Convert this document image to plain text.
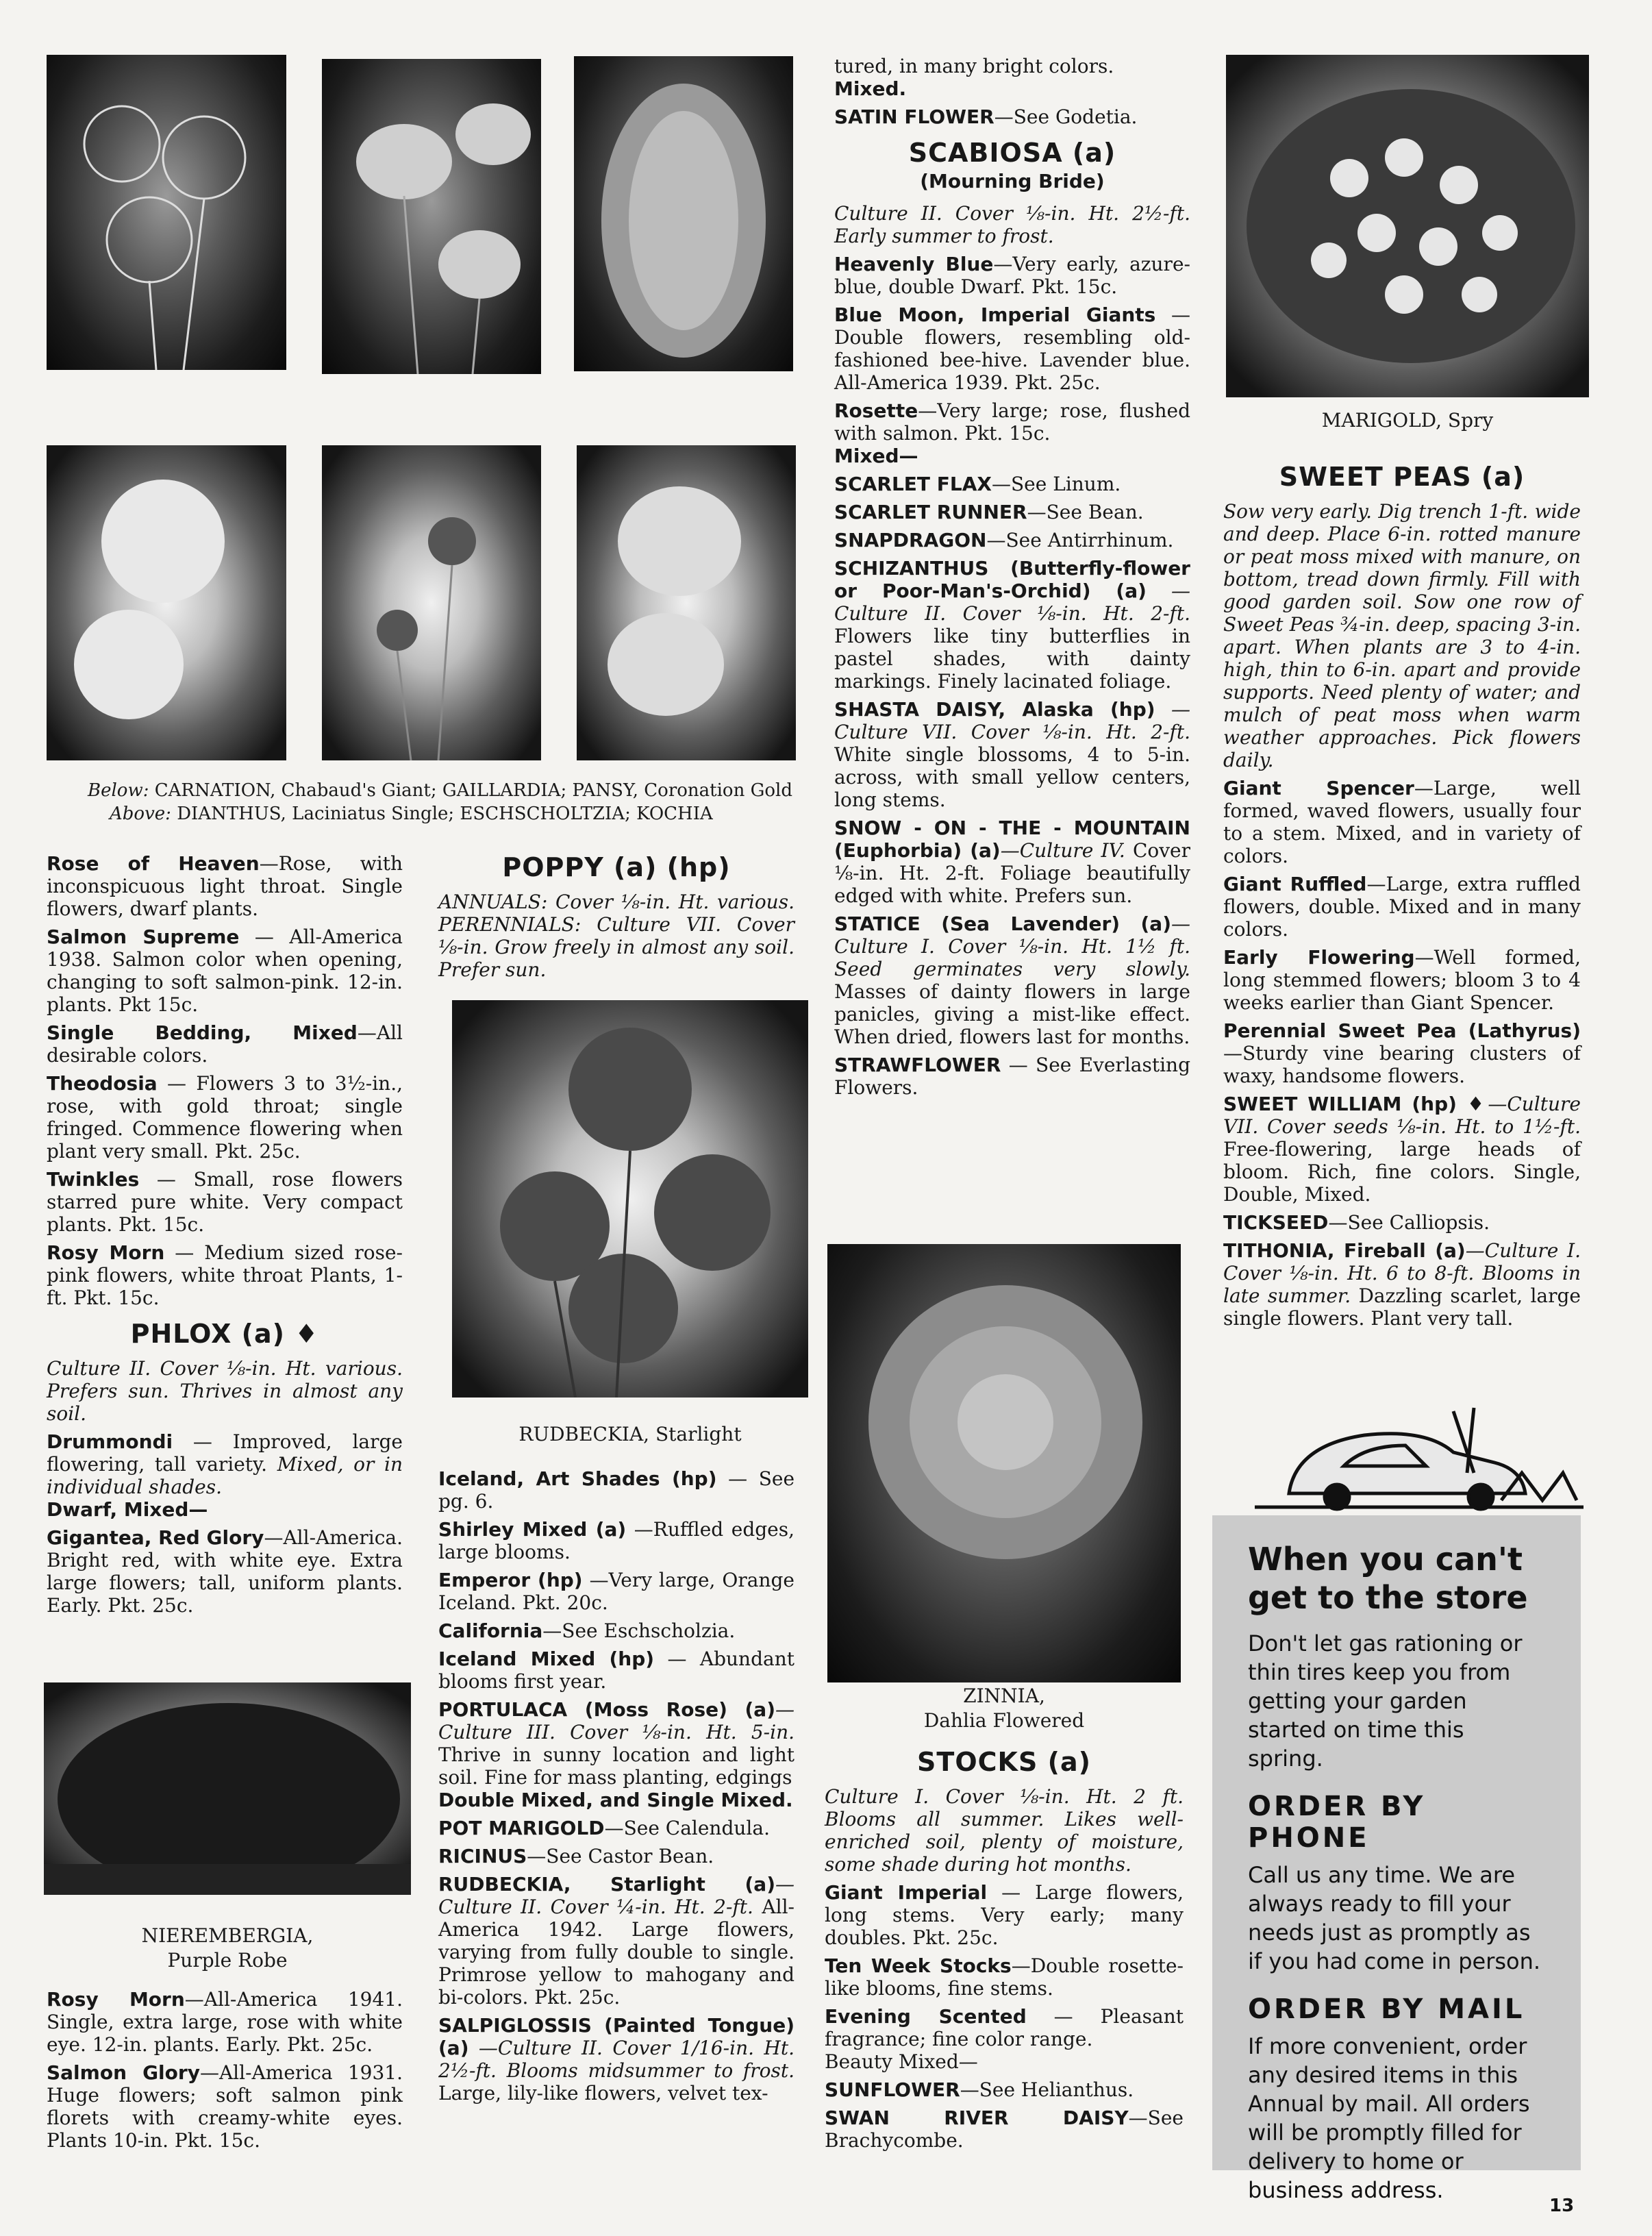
Below: CARNATION, Chabaud's Giant; GAILLARDIA; PANSY, Coronation Gold
Above: DIANTHUS, Laciniatus Single; ESCHSCHOLTZIA; KOCHIA
MARIGOLD, Spry
RUDBECKIA, Starlight
ZINNIA,
Dahlia Flowered
NIEREMBERGIA,
Purple Robe

Rose of Heaven—Rose, with inconspicuous light throat. Single flowers, dwarf plants.

Salmon Supreme — All-America 1938. Salmon color when opening, changing to soft salmon-pink. 12-in. plants. Pkt 15c.

Single Bedding, Mixed—All desirable colors.

Theodosia — Flowers 3 to 3½-in., rose, with gold throat; single fringed. Commence flowering when plant very small. Pkt. 25c.

Twinkles — Small, rose flowers starred pure white. Very compact plants. Pkt. 15c.

Rosy Morn — Medium sized rose-pink flowers, white throat Plants, 1-ft. Pkt. 15c.

PHLOX (a) ♦

Culture II. Cover ⅛-in. Ht. various. Prefers sun. Thrives in almost any soil.

Drummondi — Improved, large flowering, tall variety. Mixed, or in individual shades.

Dwarf, Mixed—

Gigantea, Red Glory—All-America. Bright red, with white eye. Extra large flowers; tall, uniform plants. Early. Pkt. 25c.

Rosy Morn—All-America 1941. Single, extra large, rose with white eye. 12-in. plants. Early. Pkt. 25c.

Salmon Glory—All-America 1931. Huge flowers; soft salmon pink florets with creamy-white eyes. Plants 10-in. Pkt. 15c.

POPPY (a) (hp)

ANNUALS: Cover ⅛-in. Ht. various. PERENNIALS: Culture VII. Cover ⅛-in. Grow freely in almost any soil. Prefer sun.

Iceland, Art Shades (hp) — See pg. 6.

Shirley Mixed (a) —Ruffled edges, large blooms.

Emperor (hp) —Very large, Orange Iceland. Pkt. 20c.

California—See Eschscholzia.

Iceland Mixed (hp) — Abundant blooms first year.

PORTULACA (Moss Rose) (a)—Culture III. Cover ⅛-in. Ht. 5-in. Thrive in sunny location and light soil. Fine for mass planting, edgings

Double Mixed, and Single Mixed.

POT MARIGOLD—See Calendula.

RICINUS—See Castor Bean.

RUDBECKIA, Starlight (a)—Culture II. Cover ¼-in. Ht. 2-ft. All-America 1942. Large flowers, varying from fully double to single. Primrose yellow to mahogany and bi-colors. Pkt. 25c.

SALPIGLOSSIS (Painted Tongue) (a) —Culture II. Cover 1/16-in. Ht. 2½-ft. Blooms midsummer to frost. Large, lily-like flowers, velvet tex-

tured, in many bright colors.

Mixed.

SATIN FLOWER—See Godetia.

SCABIOSA (a)
(Mourning Bride)

Culture II. Cover ⅛-in. Ht. 2½-ft. Early summer to frost.

Heavenly Blue—Very early, azure-blue, double Dwarf. Pkt. 15c.

Blue Moon, Imperial Giants — Double flowers, resembling old-fashioned bee-hive. Lavender blue. All-America 1939. Pkt. 25c.

Rosette—Very large; rose, flushed with salmon. Pkt. 15c.

Mixed—

SCARLET FLAX—See Linum.

SCARLET RUNNER—See Bean.

SNAPDRAGON—See Antirrhinum.

SCHIZANTHUS (Butterfly-flower or Poor-Man's-Orchid) (a) — Culture II. Cover ⅛-in. Ht. 2-ft. Flowers like tiny butterflies in pastel shades, with dainty markings. Finely lacinated foliage.

SHASTA DAISY, Alaska (hp) — Culture VII. Cover ⅛-in. Ht. 2-ft. White single blossoms, 4 to 5-in. across, with small yellow centers, long stems.

SNOW - ON - THE - MOUNTAIN (Euphorbia) (a)—Culture IV. Cover ⅛-in. Ht. 2-ft. Foliage beautifully edged with white. Prefers sun.

STATICE (Sea Lavender) (a)— Culture I. Cover ⅛-in. Ht. 1½ ft. Seed germinates very slowly. Masses of dainty flowers in large panicles, giving a mist-like effect. When dried, flowers last for months.

STRAWFLOWER — See Everlasting Flowers.

STOCKS (a)

Culture I. Cover ⅛-in. Ht. 2 ft. Blooms all summer. Likes well-enriched soil, plenty of moisture, some shade during hot months.

Giant Imperial — Large flowers, long stems. Very early; many doubles. Pkt. 25c.

Ten Week Stocks—Double rosette-like blooms, fine stems.

Evening Scented — Pleasant fragrance; fine color range.

Beauty Mixed—

SUNFLOWER—See Helianthus.

SWAN RIVER DAISY—See Brachycombe.

SWEET PEAS (a)

Sow very early. Dig trench 1-ft. wide and deep. Place 6-in. rotted manure or peat moss mixed with manure, on bottom, tread down firmly. Fill with good garden soil. Sow one row of Sweet Peas ¾-in. deep, spacing 3-in. apart. When plants are 3 to 4-in. high, thin to 6-in. apart and provide supports. Need plenty of water; and mulch of peat moss when warm weather approaches. Pick flowers daily.

Giant Spencer—Large, well formed, waved flowers, usually four to a stem. Mixed, and in variety of colors.

Giant Ruffled—Large, extra ruffled flowers, double. Mixed and in many colors.

Early Flowering—Well formed, long stemmed flowers; bloom 3 to 4 weeks earlier than Giant Spencer.

Perennial Sweet Pea (Lathyrus) —Sturdy vine bearing clusters of waxy, handsome flowers.

SWEET WILLIAM (hp) ♦—Culture VII. Cover seeds ⅛-in. Ht. to 1½-ft. Free-flowering, large heads of bloom. Rich, fine colors. Single, Double, Mixed.

TICKSEED—See Calliopsis.

TITHONIA, Fireball (a)—Culture I. Cover ⅛-in. Ht. 6 to 8-ft. Blooms in late summer. Dazzling scarlet, large single flowers. Plant very tall.

When you can't get to the store

Don't let gas rationing or thin tires keep you from getting your garden started on time this spring.

ORDER BY PHONE

Call us any time. We are always ready to fill your needs just as promptly as if you had come in person.

ORDER BY MAIL

If more convenient, order any desired items in this Annual by mail. All orders will be promptly filled for delivery to home or business address.

13
